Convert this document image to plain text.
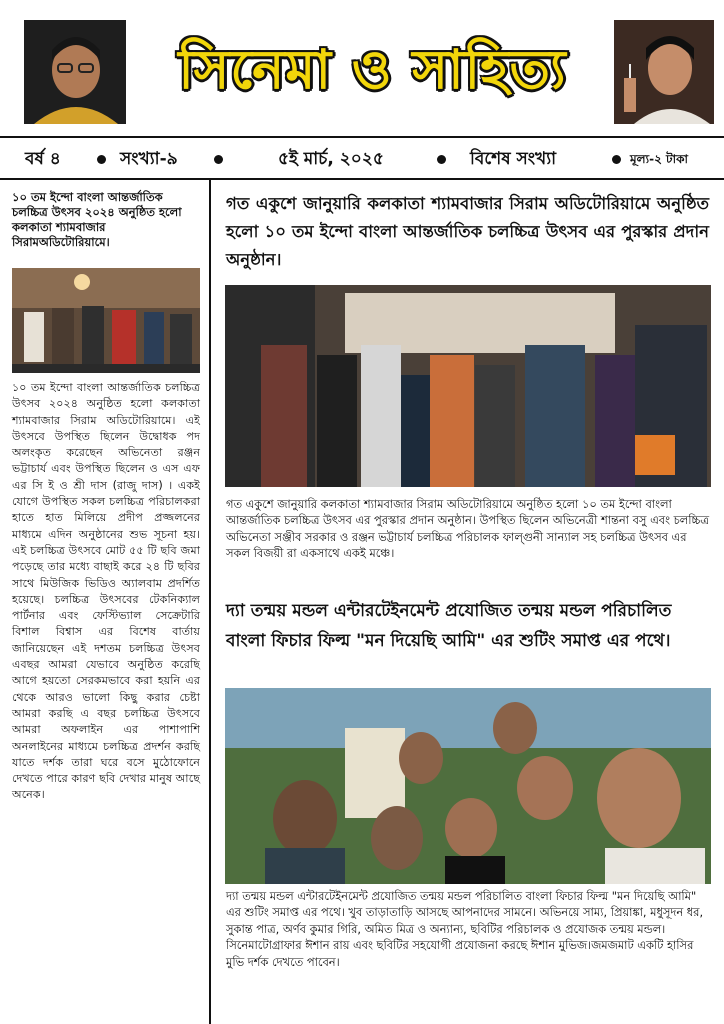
সিনেমা ও সাহিত্য
বর্ষ ৪	সংখ্যা-৯	৫ই মার্চ, ২০২৫	বিশেষ সংখ্যা	মূল্য-২ টাকা
১০ তম ইন্দো বাংলা আন্তর্জাতিক চলচ্চিত্র উৎসব ২০২৪ অনুষ্ঠিত হলো কলকাতা শ্যামবাজার সিরামঅডিটোরিয়ামে।
১০ তম ইন্দো বাংলা আন্তর্জাতিক চলচ্চিত্র উৎসব ২০২৪ অনুষ্ঠিত হলো কলকাতা শ্যামবাজার সিরাম অডিটোরিয়ামে। এই উৎসবে উপস্থিত ছিলেন উদ্বোধক পদ অলংকৃত করেছেন অভিনেতা রঞ্জন ভট্টাচার্য এবং উপস্থিত ছিলেন ও এস এফ এর সি ই ও শ্রী দাস (রাজু দাস) । একই যোগে উপস্থিত সকল চলচ্চিত্র পরিচালকরা হাতে হাত মিলিয়ে প্রদীপ প্রজ্জলনের মাধ্যমে এদিন অনুষ্ঠানের শুভ সূচনা হয়। এই চলচ্চিত্র উৎসবে মোট ৫৫ টি ছবি জমা পড়েছে তার মধ্যে বাছাই করে ২৪ টি ছবির সাথে মিউজিক ভিডিও অ্যালবাম প্রদর্শিত হয়েছে। চলচ্চিত্র উৎসবের টেকনিক্যাল পার্টনার এবং ফেস্টিভ্যাল সেক্রেটারি বিশাল বিশ্বাস এর বিশেষ বার্তায় জানিয়েছেন এই দশতম চলচ্চিত্র উৎসব এবছর আমরা যেভাবে অনুষ্ঠিত করেছি আগে হয়তো সেরকমভাবে করা হয়নি এর থেকে আরও ভালো কিছু করার চেষ্টা আমরা করছি এ বছর চলচ্চিত্র উৎসবে আমরা অফলাইন এর পাশাপাশি অনলাইনের মাধ্যমে চলচ্চিত্র প্রদর্শন করছি যাতে দর্শক তারা ঘরে বসে মুঠোফোনে দেখতে পারে কারণ ছবি দেখার মানুষ আছে অনেক।
গত একুশে জানুয়ারি কলকাতা শ্যামবাজার সিরাম অডিটোরিয়ামে অনুষ্ঠিত হলো ১০ তম ইন্দো বাংলা আন্তর্জাতিক চলচ্চিত্র উৎসব এর পুরস্কার প্রদান অনুষ্ঠান।
গত একুশে জানুয়ারি কলকাতা শ্যামবাজার সিরাম অডিটোরিয়ামে অনুষ্ঠিত হলো ১০ তম ইন্দো বাংলা আন্তর্জাতিক চলচ্চিত্র উৎসব এর পুরস্কার প্রদান অনুষ্ঠান। উপস্থিত ছিলেন অভিনেত্রী শান্তনা বসু এবং চলচ্চিত্র অভিনেতা সঞ্জীব সরকার ও রঞ্জন ভট্টাচার্য চলচ্চিত্র পরিচালক ফাল্গুনী সান্যাল সহ চলচ্চিত্র উৎসব এর সকল বিজয়ী রা একসাথে একই মঞ্চে।
দ্যা তন্ময় মন্ডল এন্টারটেইনমেন্ট প্রযোজিত তন্ময় মন্ডল পরিচালিত বাংলা ফিচার ফিল্ম "মন দিয়েছি আমি" এর শুটিং সমাপ্ত এর পথে।
দ্যা তন্ময় মন্ডল এন্টারটেইনমেন্ট প্রযোজিত তন্ময় মন্ডল পরিচালিত বাংলা ফিচার ফিল্ম "মন দিয়েছি আমি" এর শুটিং সমাপ্ত এর পথে। খুব তাড়াতাড়ি আসছে আপনাদের সামনে। অভিনয়ে সাম্য, প্রিয়াঙ্কা, মধুসূদন ধর, সুকান্ত পাত্র, অর্ণব কুমার গিরি, অমিত মিত্র ও অন্যান্য, ছবিটির পরিচালক ও প্রযোজক তন্ময় মন্ডল। সিনেমাটোগ্রাফার ঈশান রায় এবং ছবিটির সহযোগী প্রযোজনা করছে ঈশান মুভিজ।জমজমাট একটি হাসির মুভি দর্শক দেখতে পাবেন।
